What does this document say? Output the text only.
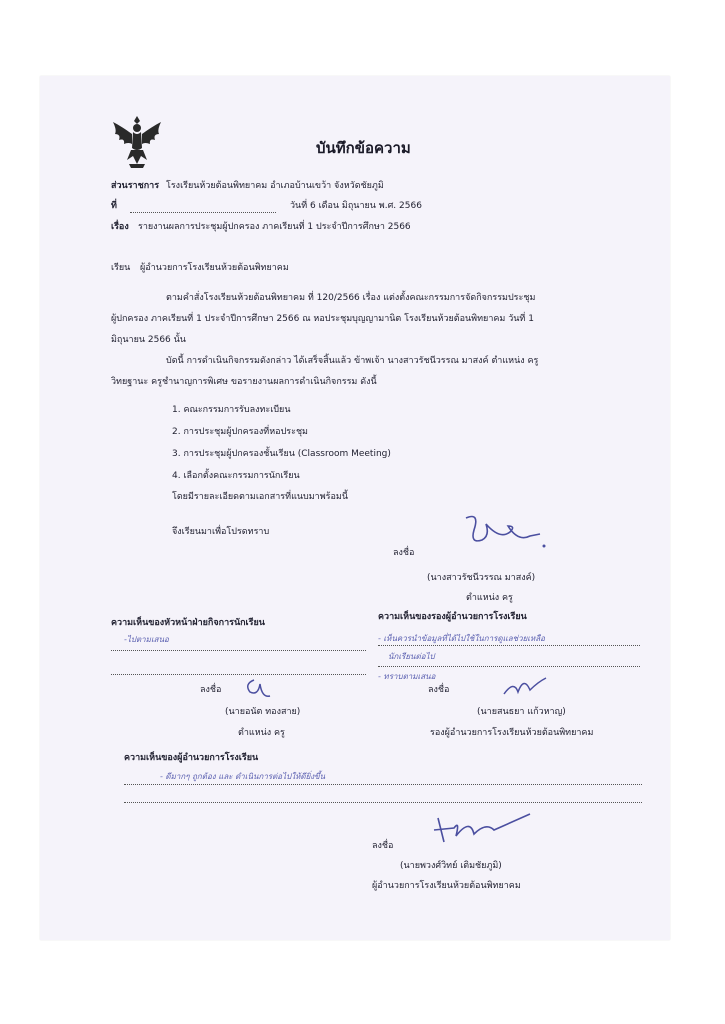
บันทึกข้อความ
ส่วนราชการ โรงเรียนห้วยต้อนพิทยาคม อำเภอบ้านเขว้า จังหวัดชัยภูมิ
ที่	วันที่ 6 เดือน มิถุนายน พ.ศ. 2566
เรื่อง รายงานผลการประชุมผู้ปกครอง ภาคเรียนที่ 1 ประจำปีการศึกษา 2566
เรียน ผู้อำนวยการโรงเรียนห้วยต้อนพิทยาคม
ตามคำสั่งโรงเรียนห้วยต้อนพิทยาคม ที่ 120/2566 เรื่อง แต่งตั้งคณะกรรมการจัดกิจกรรมประชุม
ผู้ปกครอง ภาคเรียนที่ 1 ประจำปีการศึกษา 2566 ณ หอประชุมบุญญามานิต โรงเรียนห้วยต้อนพิทยาคม วันที่ 1
มิถุนายน 2566 นั้น
บัดนี้ การดำเนินกิจกรรมดังกล่าว ได้เสร็จสิ้นแล้ว ข้าพเจ้า นางสาวรัชนีวรรณ มาสงค์ ตำแหน่ง ครู
วิทยฐานะ ครูชำนาญการพิเศษ ขอรายงานผลการดำเนินกิจกรรม ดังนี้
1. คณะกรรมการรับลงทะเบียน
2. การประชุมผู้ปกครองที่หอประชุม
3. การประชุมผู้ปกครองชั้นเรียน (Classroom Meeting)
4. เลือกตั้งคณะกรรมการนักเรียน
โดยมีรายละเอียดตามเอกสารที่แนบมาพร้อมนี้
จึงเรียนมาเพื่อโปรดทราบ
ลงชื่อ
(นางสาวรัชนีวรรณ มาสงค์)
ตำแหน่ง ครู
ความเห็นของหัวหน้าฝ่ายกิจการนักเรียน
-ไปตามเสนอ
ลงชื่อ
(นายอนัต ทองสาย)
ตำแหน่ง ครู
ความเห็นของรองผู้อำนวยการโรงเรียน
- เห็นควรนำข้อมูลที่ได้ไปใช้ในการดูแลช่วยเหลือ
นักเรียนต่อไป
- ทราบตามเสนอ
ลงชื่อ
(นายสนธยา แก้วหาญ)
รองผู้อำนวยการโรงเรียนห้วยต้อนพิทยาคม
ความเห็นของผู้อำนวยการโรงเรียน
- ดีมากๆ ถูกต้อง และ ดำเนินการต่อไปให้ดียิ่งขึ้น
ลงชื่อ
(นายพวงศ์วิทย์ เติมชัยภูมิ)
ผู้อำนวยการโรงเรียนห้วยต้อนพิทยาคม
